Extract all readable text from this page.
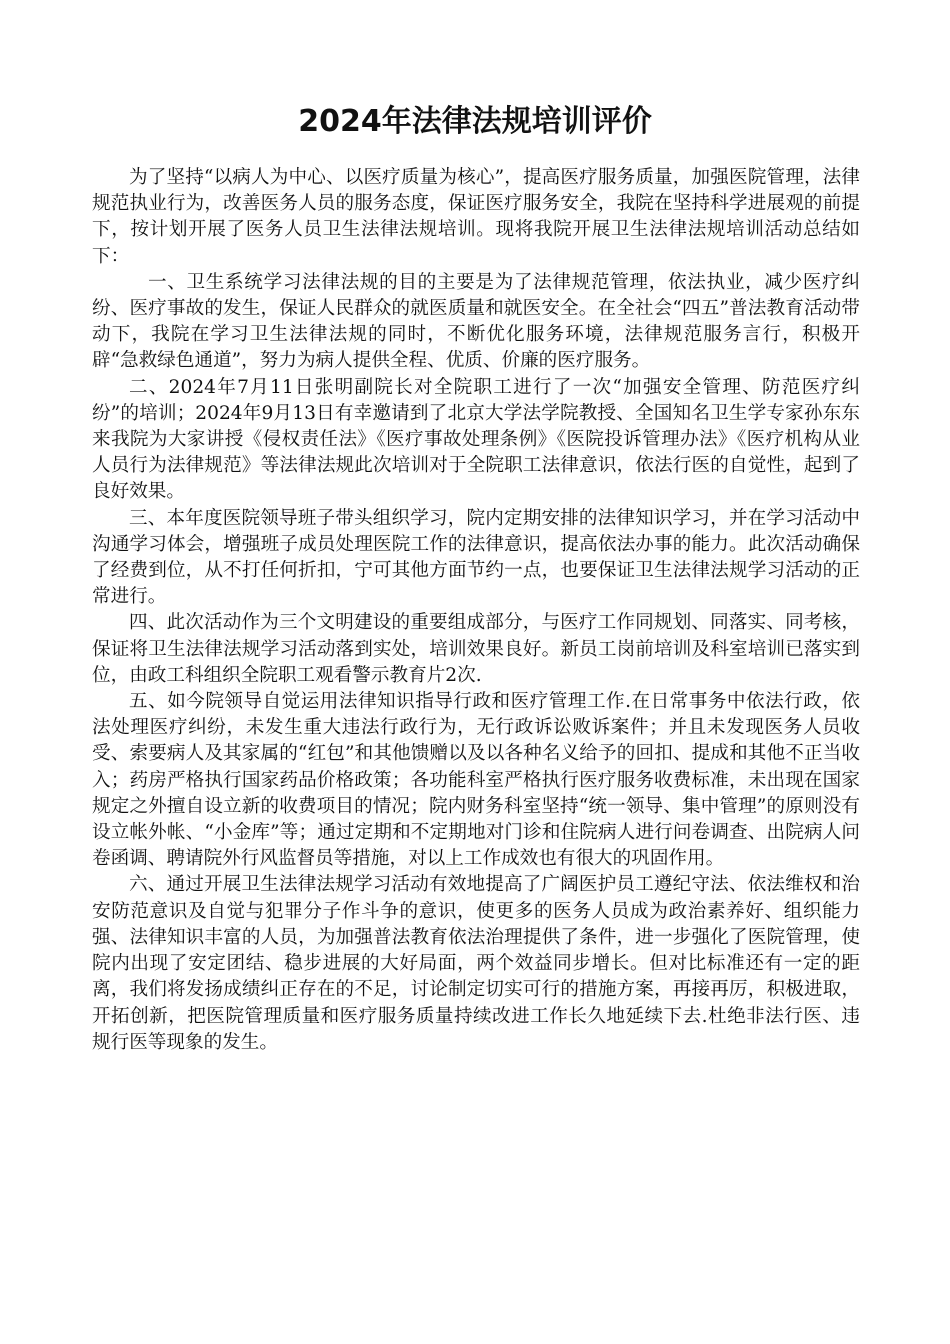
2024年法律法规培训评价

为了坚持“以病人为中心、以医疗质量为核心”，提高医疗服务质量，加强医院管理，法律规范执业行为，改善医务人员的服务态度，保证医疗服务安全，我院在坚持科学进展观的前提下，按计划开展了医务人员卫生法律法规培训。现将我院开展卫生法律法规培训活动总结如下：

一、卫生系统学习法律法规的目的主要是为了法律规范管理，依法执业，减少医疗纠纷、医疗事故的发生，保证人民群众的就医质量和就医安全。在全社会“四五”普法教育活动带动下，我院在学习卫生法律法规的同时，不断优化服务环境，法律规范服务言行，积极开辟“急救绿色通道”，努力为病人提供全程、优质、价廉的医疗服务。

二、2024年7月11日张明副院长对全院职工进行了一次“加强安全管理、防范医疗纠纷”的培训；2024年9月13日有幸邀请到了北京大学法学院教授、全国知名卫生学专家孙东东来我院为大家讲授《侵权责任法》《医疗事故处理条例》《医院投诉管理办法》《医疗机构从业人员行为法律规范》等法律法规此次培训对于全院职工法律意识，依法行医的自觉性，起到了良好效果。

三、本年度医院领导班子带头组织学习，院内定期安排的法律知识学习，并在学习活动中沟通学习体会，增强班子成员处理医院工作的法律意识，提高依法办事的能力。此次活动确保了经费到位，从不打任何折扣，宁可其他方面节约一点，也要保证卫生法律法规学习活动的正常进行。

四、此次活动作为三个文明建设的重要组成部分，与医疗工作同规划、同落实、同考核，保证将卫生法律法规学习活动落到实处，培训效果良好。新员工岗前培训及科室培训已落实到位，由政工科组织全院职工观看警示教育片2次.

五、如今院领导自觉运用法律知识指导行政和医疗管理工作.在日常事务中依法行政，依法处理医疗纠纷，未发生重大违法行政行为，无行政诉讼败诉案件；并且未发现医务人员收受、索要病人及其家属的“红包”和其他馈赠以及以各种名义给予的回扣、提成和其他不正当收入；药房严格执行国家药品价格政策；各功能科室严格执行医疗服务收费标准，未出现在国家规定之外擅自设立新的收费项目的情况；院内财务科室坚持“统一领导、集中管理”的原则没有设立帐外帐、“小金库”等；通过定期和不定期地对门诊和住院病人进行问卷调查、出院病人问卷函调、聘请院外行风监督员等措施，对以上工作成效也有很大的巩固作用。

六、通过开展卫生法律法规学习活动有效地提高了广阔医护员工遵纪守法、依法维权和治安防范意识及自觉与犯罪分子作斗争的意识，使更多的医务人员成为政治素养好、组织能力强、法律知识丰富的人员，为加强普法教育依法治理提供了条件，进一步强化了医院管理，使院内出现了安定团结、稳步进展的大好局面，两个效益同步增长。但对比标准还有一定的距离，我们将发扬成绩纠正存在的不足，讨论制定切实可行的措施方案，再接再厉，积极进取，开拓创新，把医院管理质量和医疗服务质量持续改进工作长久地延续下去.杜绝非法行医、违规行医等现象的发生。
